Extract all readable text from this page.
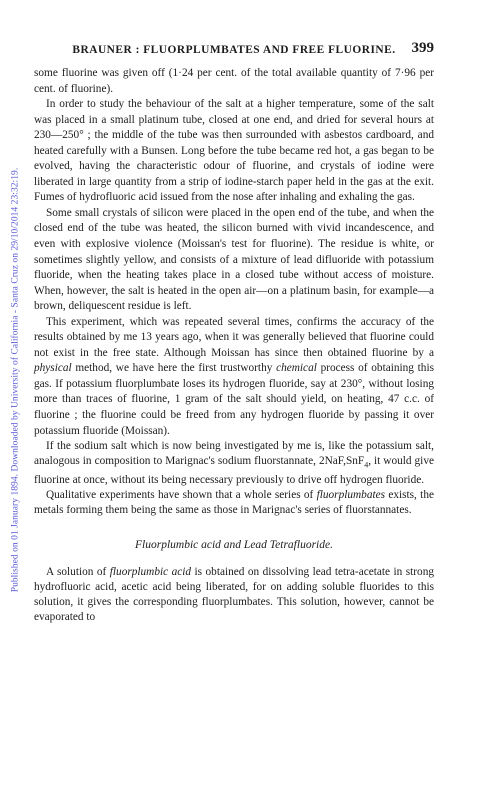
Published on 01 January 1894. Downloaded by University of California - Santa Cruz on 29/10/2014 23:32:19.
BRAUNER : FLUORPLUMBATES AND FREE FLUORINE. 399

some fluorine was given off (1·24 per cent. of the total available quantity of 7·96 per cent. of fluorine).

In order to study the behaviour of the salt at a higher temperature, some of the salt was placed in a small platinum tube, closed at one end, and dried for several hours at 230—250° ; the middle of the tube was then surrounded with asbestos cardboard, and heated carefully with a Bunsen. Long before the tube became red hot, a gas began to be evolved, having the characteristic odour of fluorine, and crystals of iodine were liberated in large quantity from a strip of iodine-starch paper held in the gas at the exit. Fumes of hydrofluoric acid issued from the nose after inhaling and exhaling the gas.

Some small crystals of silicon were placed in the open end of the tube, and when the closed end of the tube was heated, the silicon burned with vivid incandescence, and even with explosive violence (Moissan's test for fluorine). The residue is white, or sometimes slightly yellow, and consists of a mixture of lead difluoride with potassium fluoride, when the heating takes place in a closed tube without access of moisture. When, however, the salt is heated in the open air—on a platinum basin, for example—a brown, deliquescent residue is left.

This experiment, which was repeated several times, confirms the accuracy of the results obtained by me 13 years ago, when it was generally believed that fluorine could not exist in the free state. Although Moissan has since then obtained fluorine by a physical method, we have here the first trustworthy chemical process of obtaining this gas. If potassium fluorplumbate loses its hydrogen fluoride, say at 230°, without losing more than traces of fluorine, 1 gram of the salt should yield, on heating, 47 c.c. of fluorine ; the fluorine could be freed from any hydrogen fluoride by passing it over potassium fluoride (Moissan).

If the sodium salt which is now being investigated by me is, like the potassium salt, analogous in composition to Marignac's sodium fluorstannate, 2NaF,SnF$_4$, it would give fluorine at once, without its being necessary previously to drive off hydrogen fluoride.

Qualitative experiments have shown that a whole series of fluorplumbates exists, the metals forming them being the same as those in Marignac's series of fluorstannates.

Fluorplumbic acid and Lead Tetrafluoride.

A solution of fluorplumbic acid is obtained on dissolving lead tetra-acetate in strong hydrofluoric acid, acetic acid being liberated, for on adding soluble fluorides to this solution, it gives the corresponding fluorplumbates. This solution, however, cannot be evaporated to
